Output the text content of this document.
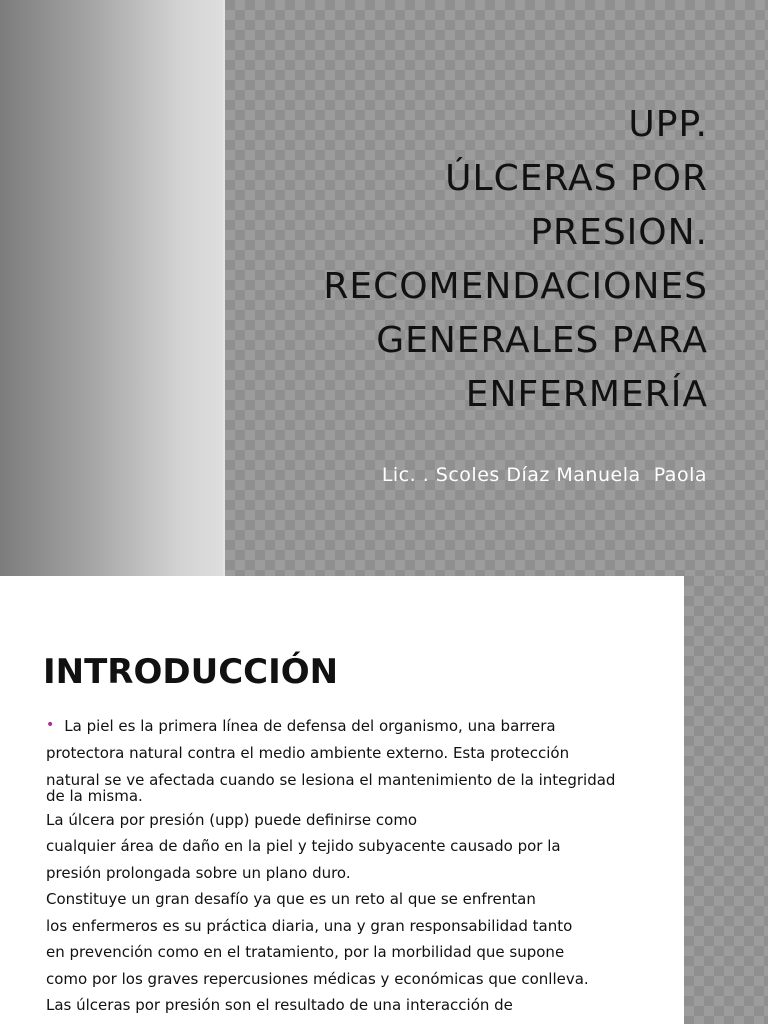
UPP.
ÚLCERAS POR
PRESION.
RECOMENDACIONES
GENERALES PARA
ENFERMERÍA
Lic. . Scoles Díaz Manuela  Paola
INTRODUCCIÓN

• La piel es la primera línea de defensa del organismo, una barrera

protectora natural contra el medio ambiente externo. Esta protección

natural se ve afectada cuando se lesiona el mantenimiento de la integridad

de la misma.

La úlcera por presión (upp) puede definirse como

cualquier área de daño en la piel y tejido subyacente causado por la

presión prolongada sobre un plano duro.

Constituye un gran desafío ya que es un reto al que se enfrentan

los enfermeros es su práctica diaria, una y gran responsabilidad tanto

en prevención como en el tratamiento, por la morbilidad que supone

como por los graves repercusiones médicas y económicas que conlleva.

Las úlceras por presión son el resultado de una interacción de
